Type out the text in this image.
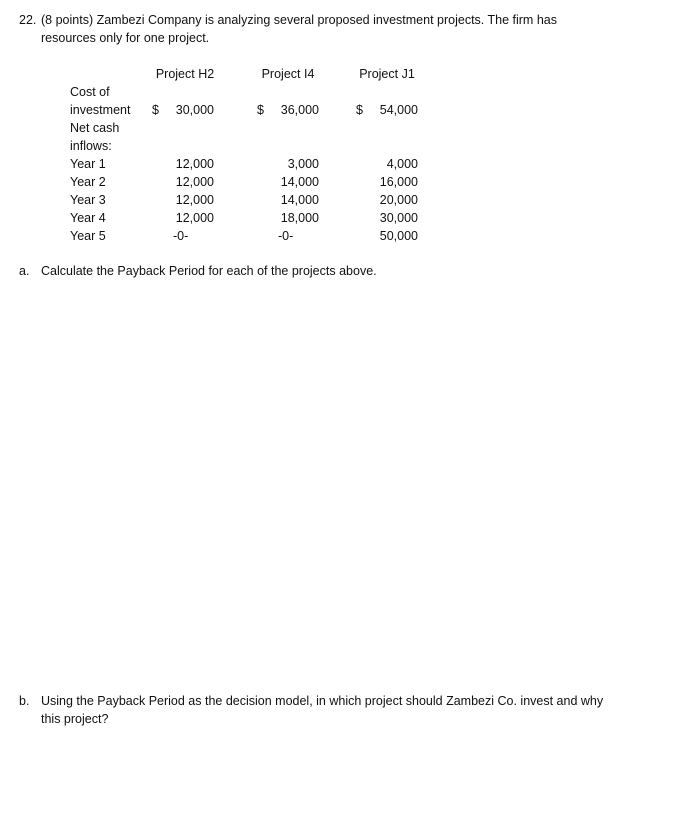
22. (8 points) Zambezi Company is analyzing several proposed investment projects. The firm has
resources only for one project.
Project H2	Project I4	Project J1
Cost of
investment $	30,000	$	36,000	$	54,000
Net cash
inflows:
Year 1	12,000	3,000	4,000
Year 2	12,000	14,000	16,000
Year 3	12,000	14,000	20,000
Year 4	12,000	18,000	30,000
Year 5	-0-	-0-	50,000
a. Calculate the Payback Period for each of the projects above.
b. Using the Payback Period as the decision model, in which project should Zambezi Co. invest and why
this project?
